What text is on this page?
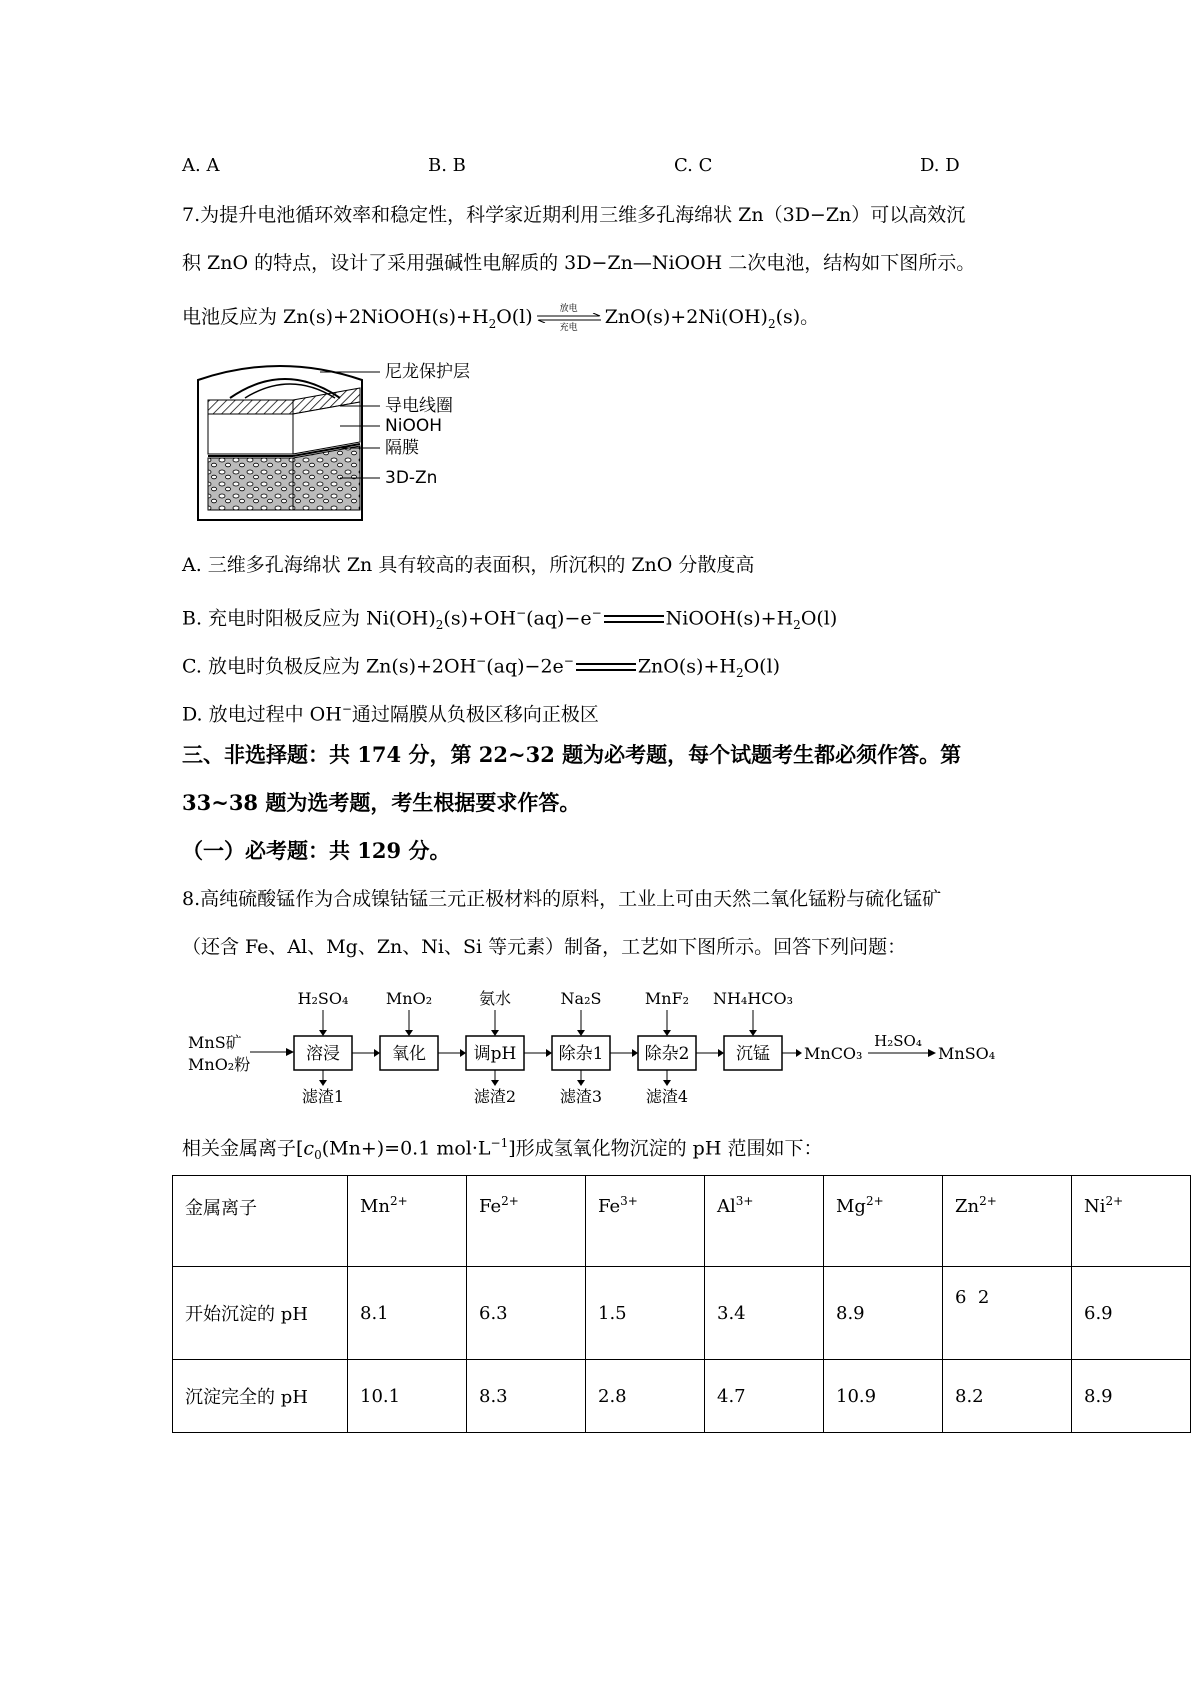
A. A	B. B	C. C	D. D
7.为提升电池循环效率和稳定性，科学家近期利用三维多孔海绵状 Zn（3D−Zn）可以高效沉
积 ZnO 的特点，设计了采用强碱性电解质的 3D−Zn—NiOOH 二次电池，结构如下图所示。
电池反应为 $Zn(s)+2NiOOH(s)+H_2O(l)$	放电
充电	$ZnO(s)+2Ni(OH)_2(s)$。
尼龙保护层
导电线圈
NiOOH
隔膜
3D-Zn
A. 三维多孔海绵状 Zn 具有较高的表面积，所沉积的 ZnO 分散度高
B. 充电时阳极反应为 $Ni(OH)_2(s)+OH^-(aq)-e^-$	$NiOOH(s)+H_2O(l)$
C. 放电时负极反应为 Zn(s)+2OH−(aq)−2e−	$ZnO(s)+H_2O(l)$
D. 放电过程中 OH−通过隔膜从负极区移向正极区
三、非选择题：共 174 分，第 22~32 题为必考题，每个试题考生都必须作答。第
33~38 题为选考题，考生根据要求作答。
（一）必考题：共 129 分。
8.高纯硫酸锰作为合成镍钴锰三元正极材料的原料，工业上可由天然二氧化锰粉与硫化锰矿
（还含 Fe、Al、Mg、Zn、Ni、Si 等元素）制备，工艺如下图所示。回答下列问题：
MnS矿
MnO₂粉
溶浸	氧化	调pH 除杂1 除杂2	沉锰
H₂SO₄ MnO₂	氨水	Na₂S	MnF₂ NH₄HCO₃
滤渣1	滤渣2	滤渣3	滤渣4
MnCO₃
H₂SO₄
MnSO₄
相关金属离子[$c_0(Mn+)=0.1$ $mol\cdot L^{-1}$]形成氢氧化物沉淀的 pH 范围如下：
金属离子	$Mn^{2+}$	$Fe^{2+}$	$Fe^{3+}$	$Al^{3+}$	$Mg^{2+}$	$Zn^{2+}$	$Ni^{2+}$
开始沉淀的 pH	8.1	6.3	1.5	3.4	8.9	6  2	6.9
沉淀完全的 pH	10.1	8.3	2.8	4.7	10.9	8.2	8.9
